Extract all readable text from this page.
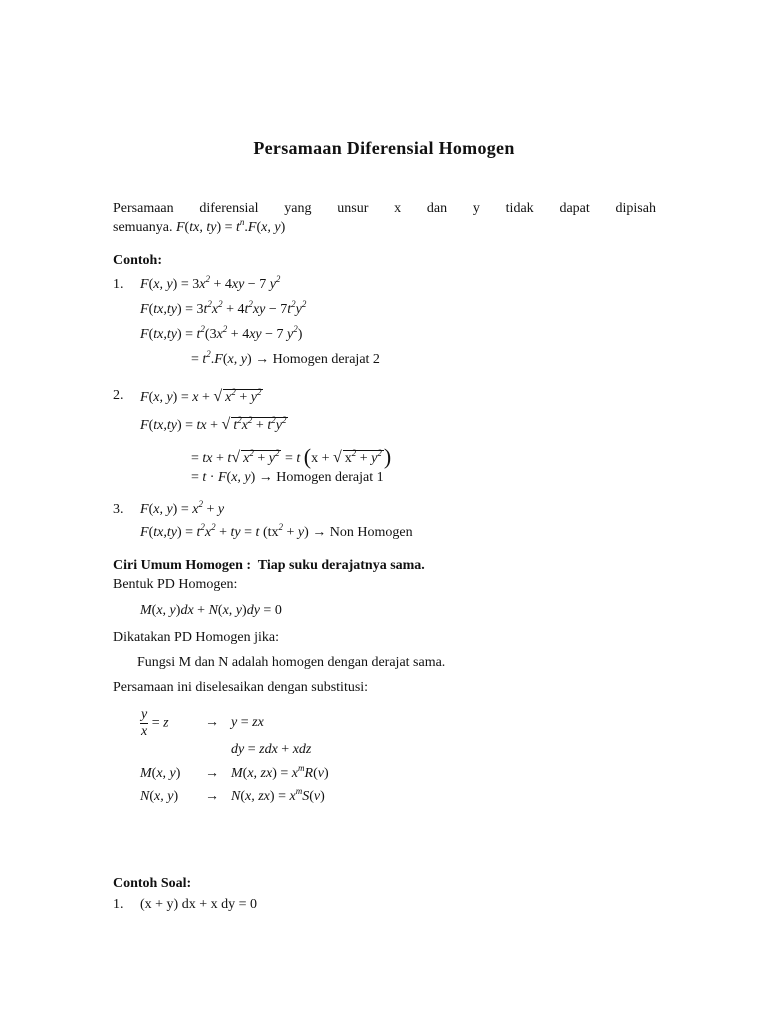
Persamaan Diferensial Homogen
Persamaan diferensial yang unsur x dan y tidak dapat dipisah
semuanya. F(tx, $ty) = t^n.F(x$, y)
Contoh:
1. F(x, $y) = 3x^2 + 4xy - 7$ $y^2$
$F(tx,ty) = 3t^2x^2 + 4t^2xy - 7t^2y^2$
$F(tx,ty) = t^2(3x^2 + 4xy - 7$ $y^2$)
= $t^2.F(x$, y) → Homogen derajat 2
2. F(x, y) = x + √ $x^2 + y^2$
F(tx,ty) = tx + √ $t^2x^2 + t^2y^2$
= tx + t√ $x^2 + y^2 = t$ (x + √ $x^2 + y^2$)
= t · F(x, y) → Homogen derajat 1
3. F(x, $y) = x^2 + y$
$F(tx,ty) = t^2x^2$ + ty = t $(tx^2 + y)$ → Non Homogen
Ciri Umum Homogen : Tiap suku derajatnya sama.
Bentuk PD Homogen:
M(x, y)dx + N(x, y)dy = 0
Dikatakan PD Homogen jika:
Fungsi M dan N adalah homogen dengan derajat sama.
Persamaan ini diselesaikan dengan substitusi:
$\frac{y}{x} = z$	→ y = zx
dy = zdx + xdz
M(x, y) → M(x, $zx) = x^mR(v)$
N(x, y) → N(x, $zx) = x^mS(v)$
Contoh Soal:
1. (x + y) dx + x dy = 0
